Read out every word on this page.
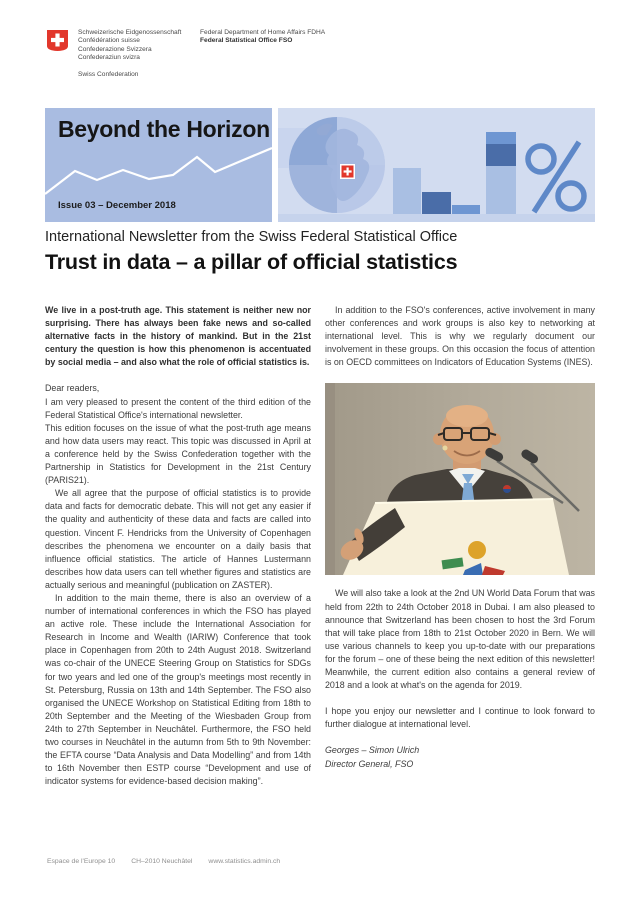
Schweizerische Eidgenossenschaft
Confédération suisse
Confederazione Svizzera
Confederaziun svizra
Swiss Confederation
Federal Department of Home Affairs FDHA
Federal Statistical Office FSO
Beyond the Horizon
Issue 03 – December 2018
International Newsletter from the Swiss Federal Statistical Office
Trust in data – a pillar of official statistics

We live in a post-truth age. This statement is neither new nor surprising. There has always been fake news and so-called alternative facts in the history of mankind. But in the 21st century the question is how this phenomenon is accentuated by social media – and also what the role of official statistics is.

Dear readers,

I am very pleased to present the content of the third edition of the Federal Statistical Office's international newsletter.

This edition focuses on the issue of what the post-truth age means and how data users may react. This topic was discussed in April at a conference held by the Swiss Confederation together with the Partnership in Statistics for Development in the 21st Century (PARIS21).

We all agree that the purpose of official statistics is to provide data and facts for democratic debate. This will not get any easier if the quality and authenticity of these data and facts are called into question. Vincent F. Hendricks from the University of Copenhagen describes the phenomena we encounter on a daily basis that influence official statistics. The article of Hannes Lustermann describes how data users can tell whether figures and statistics are actually serious and meaningful (publication on ZASTER).

In addition to the main theme, there is also an overview of a number of international conferences in which the FSO has played an active role. These include the International Association for Research in Income and Wealth (IARIW) Conference that took place in Copenhagen from 20th to 24th August 2018. Switzerland was co-chair of the UNECE Steering Group on Statistics for SDGs for two years and led one of the group's meetings most recently in St. Petersburg, Russia on 13th and 14th September. The FSO also organised the UNECE Workshop on Statistical Editing from 18th to 20th September and the Meeting of the Wiesbaden Group from 24th to 27th September in Neuchâtel. Furthermore, the FSO held two courses in Neuchâtel in the autumn from 5th to 9th November: the EFTA course “Data Analysis and Data Modelling” and from 14th to 16th November then ESTP course “Development and use of indicator systems for evidence-based decision making”.

In addition to the FSO's conferences, active involvement in many other conferences and work groups is also key to networking at international level. This is why we regularly document our involvement in these groups. On this occasion the focus of attention is on OECD committees on Indicators of Education Systems (INES).

We will also take a look at the 2nd UN World Data Forum that was held from 22th to 24th October 2018 in Dubai. I am also pleased to announce that Switzerland has been chosen to host the 3rd Forum that will take place from 18th to 21st October 2020 in Bern. We will use various channels to keep you up-to-date with our preparations for the forum – one of these being the next edition of this newsletter! Meanwhile, the current edition also contains a general review of 2018 and a look at what's on the agenda for 2019.

I hope you enjoy our newsletter and I continue to look forward to further dialogue at international level.

Georges – Simon Ulrich
Director General, FSO
Espace de l'Europe 10 CH–2010 Neuchâtel www.statistics.admin.ch
